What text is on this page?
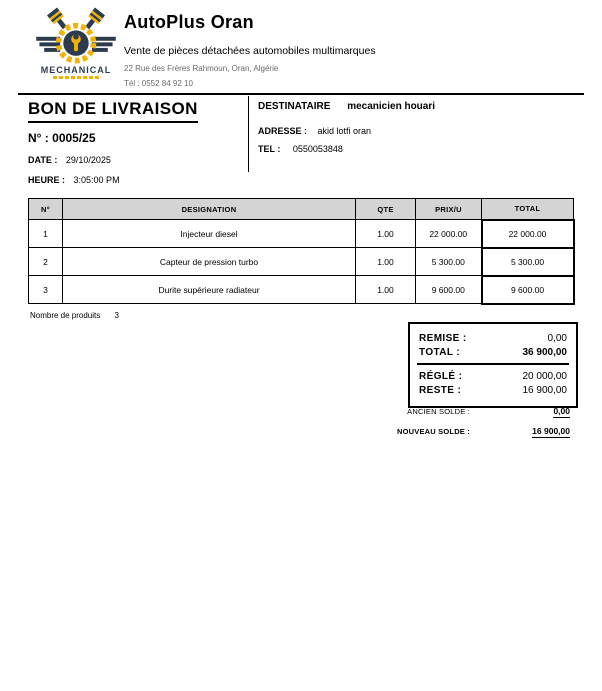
MECHANICAL
AutoPlus Oran
Vente de pièces détachées automobiles multimarques
22 Rue des Frères Rahmoun, Oran, Algérie
Tél : 0552 84 92 10
BON DE LIVRAISON
N° : 0005/25
DATE : 29/10/2025
HEURE : 3:05:00 PM
DESTINATAIRE mecanicien houari
ADRESSE : akid lotfi oran
TEL : 0550053848
N°	DESIGNATION	QTE	PRIX/U	TOTAL
1	Injecteur diesel	1.00	22 000.00	22 000.00
2	Capteur de pression turbo	1.00	5 300.00	5 300.00
3	Durite supérieure radiateur	1.00	9 600.00	9 600.00
Nombre de produits 3
REMISE :	0,00
TOTAL :	36 900,00
RÉGLÉ :	20 000,00
RESTE :	16 900,00
ANCIEN SOLDE :	0,00
NOUVEAU SOLDE :	16 900,00
